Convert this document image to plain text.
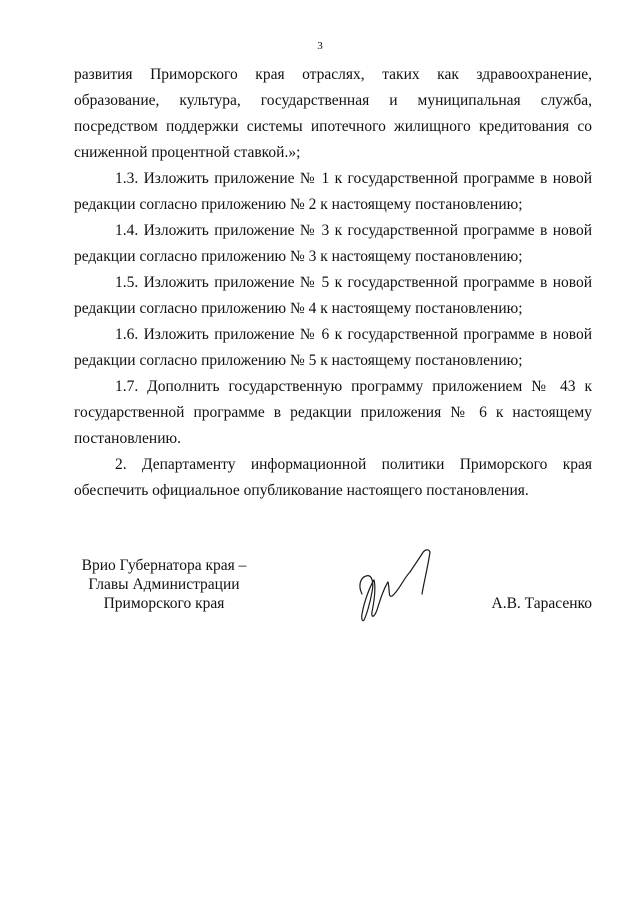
3

развития Приморского края отраслях, таких как здравоохранение, образование, культура, государственная и муниципальная служба, посредством поддержки системы ипотечного жилищного кредитования со сниженной процентной ставкой.»;

1.3. Изложить приложение № 1 к государственной программе в новой редакции согласно приложению № 2 к настоящему постановлению;

1.4. Изложить приложение № 3 к государственной программе в новой редакции согласно приложению № 3 к настоящему постановлению;

1.5. Изложить приложение № 5 к государственной программе в новой редакции согласно приложению № 4 к настоящему постановлению;

1.6. Изложить приложение № 6 к государственной программе в новой редакции согласно приложению № 5 к настоящему постановлению;

1.7. Дополнить государственную программу приложением № 43 к государственной программе в редакции приложения № 6 к настоящему постановлению.

2. Департаменту информационной политики Приморского края обеспечить официальное опубликование настоящего постановления.

Врио Губернатора края –
Главы Администрации
Приморского края	А.В. Тарасенко
